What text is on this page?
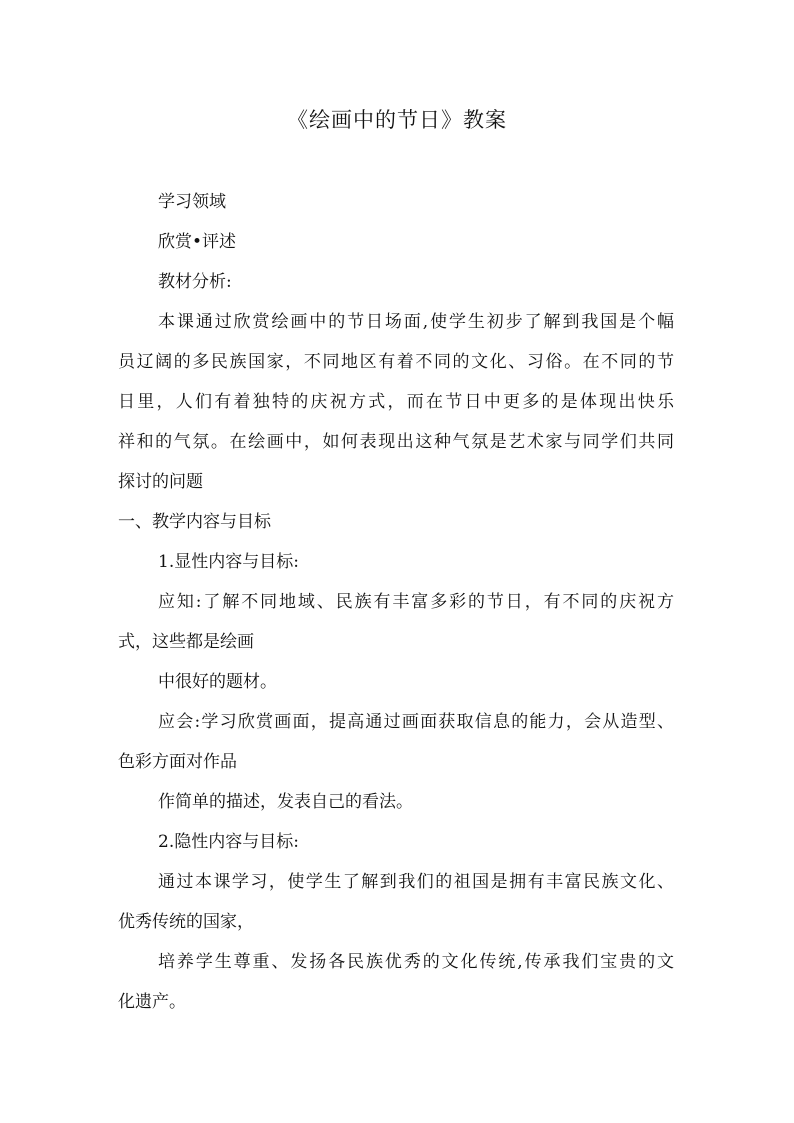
《绘画中的节日》教案
学习领域
欣赏•评述
教材分析:
本课通过欣赏绘画中的节日场面,使学生初步了解到我国是个幅
员辽阔的多民族国家，不同地区有着不同的文化、习俗。在不同的节
日里，人们有着独特的庆祝方式，而在节日中更多的是体现出快乐
祥和的气氛。在绘画中，如何表现出这种气氛是艺术家与同学们共同
探讨的问题
一、教学内容与目标
1.显性内容与目标:
应知:了解不同地域、民族有丰富多彩的节日，有不同的庆祝方
式，这些都是绘画
中很好的题材。
应会:学习欣赏画面，提高通过画面获取信息的能力，会从造型、
色彩方面对作品
作简单的描述，发表自己的看法。
2.隐性内容与目标:
通过本课学习，使学生了解到我们的祖国是拥有丰富民族文化、
优秀传统的国家，
培养学生尊重、发扬各民族优秀的文化传统,传承我们宝贵的文
化遗产。
